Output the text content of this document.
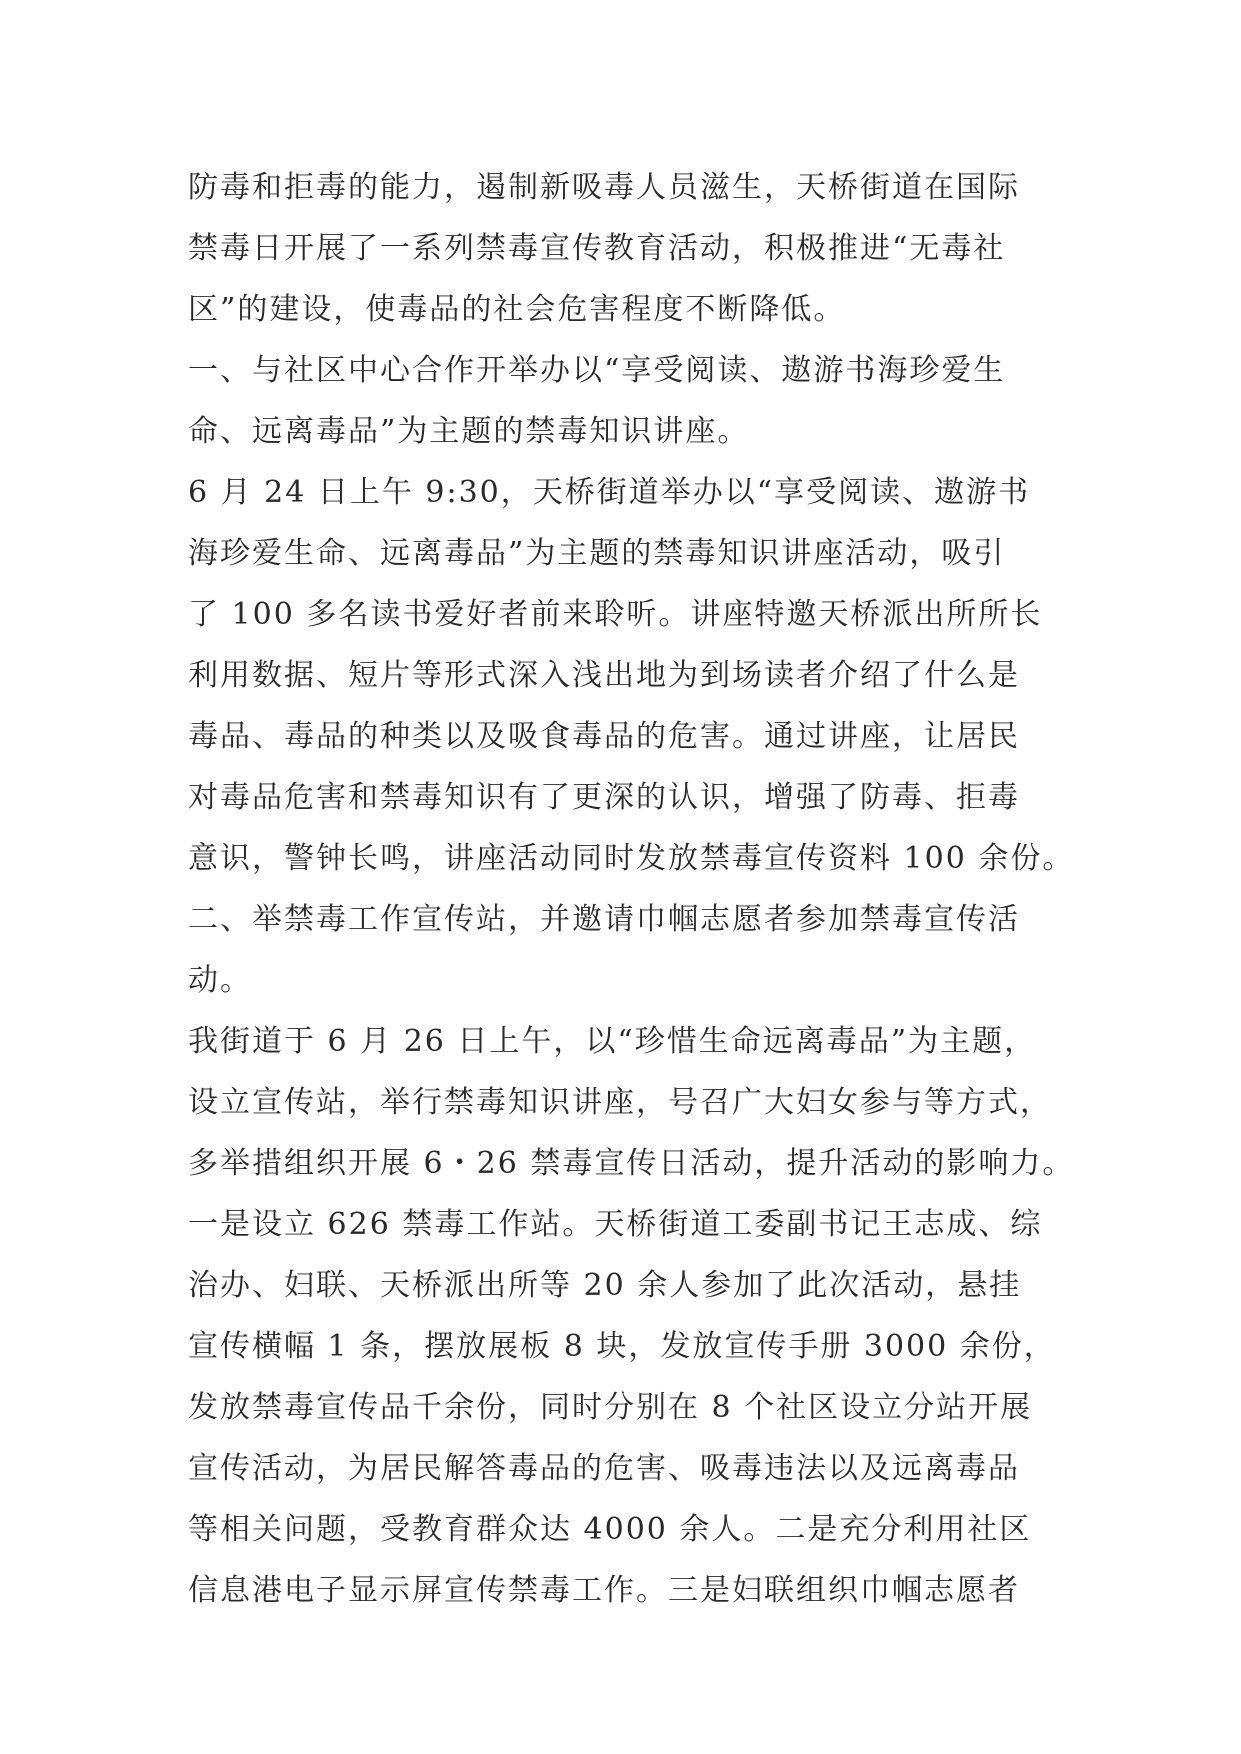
防毒和拒毒的能力，遏制新吸毒人员滋生，天桥街道在国际
禁毒日开展了一系列禁毒宣传教育活动，积极推进“无毒社
区”的建设，使毒品的社会危害程度不断降低。
一、与社区中心合作开举办以“享受阅读、遨游书海珍爱生
命、远离毒品”为主题的禁毒知识讲座。
6 月 24 日上午 9:30，天桥街道举办以“享受阅读、遨游书
海珍爱生命、远离毒品”为主题的禁毒知识讲座活动，吸引
了 100 多名读书爱好者前来聆听。讲座特邀天桥派出所所长
利用数据、短片等形式深入浅出地为到场读者介绍了什么是
毒品、毒品的种类以及吸食毒品的危害。通过讲座，让居民
对毒品危害和禁毒知识有了更深的认识，增强了防毒、拒毒
意识，警钟长鸣，讲座活动同时发放禁毒宣传资料 100 余份。
二、举禁毒工作宣传站，并邀请巾帼志愿者参加禁毒宣传活
动。
我街道于 6 月 26 日上午，以“珍惜生命远离毒品”为主题，
设立宣传站，举行禁毒知识讲座，号召广大妇女参与等方式，
多举措组织开展 6・26 禁毒宣传日活动，提升活动的影响力。
一是设立 626 禁毒工作站。天桥街道工委副书记王志成、综
治办、妇联、天桥派出所等 20 余人参加了此次活动，悬挂
宣传横幅 1 条，摆放展板 8 块，发放宣传手册 3000 余份，
发放禁毒宣传品千余份，同时分别在 8 个社区设立分站开展
宣传活动，为居民解答毒品的危害、吸毒违法以及远离毒品
等相关问题，受教育群众达 4000 余人。二是充分利用社区
信息港电子显示屏宣传禁毒工作。三是妇联组织巾帼志愿者
